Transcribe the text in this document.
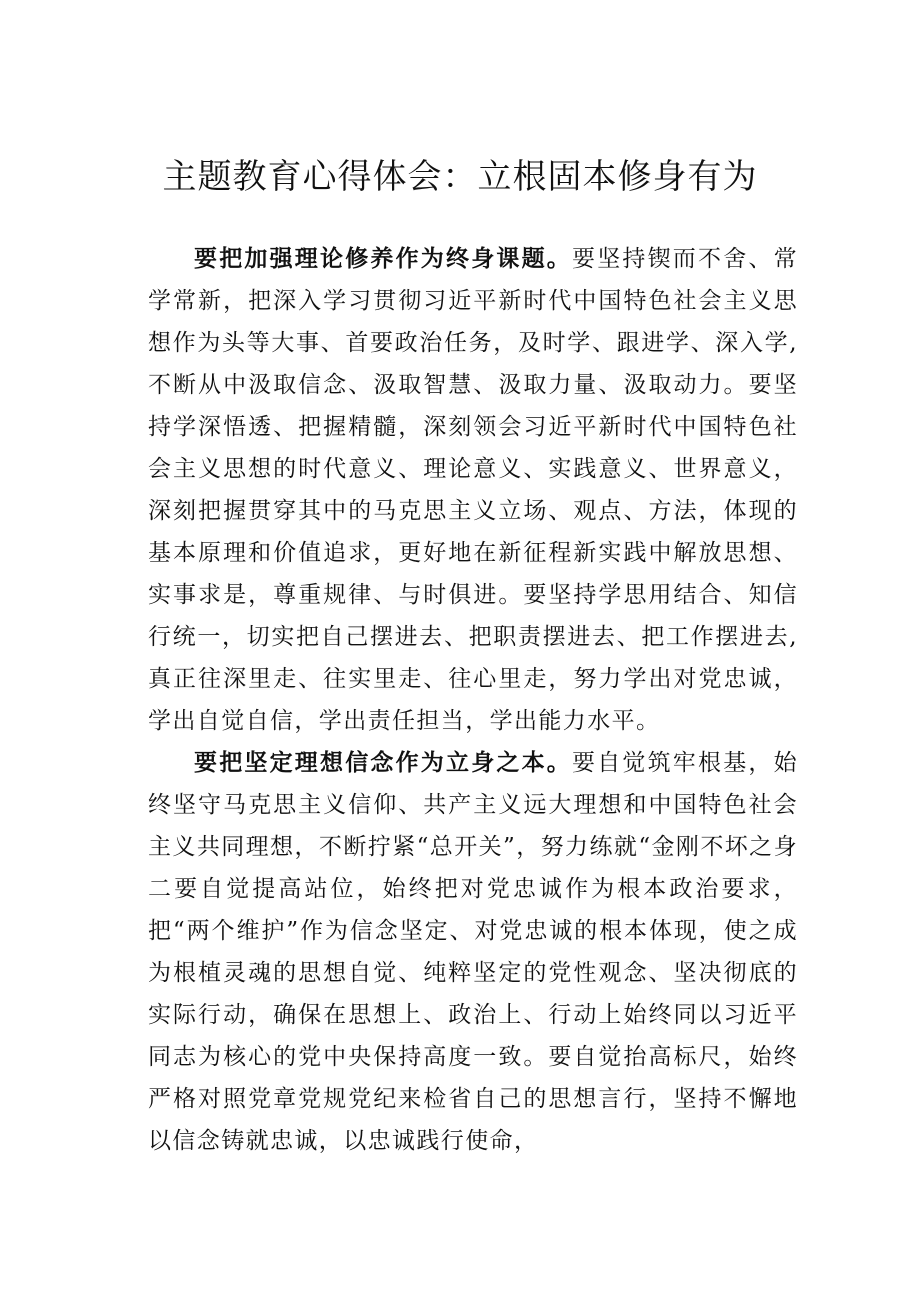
主题教育心得体会：立根固本修身有为

要把加强理论修养作为终身课题。要坚持锲而不舍、常学常新，把深入学习贯彻习近平新时代中国特色社会主义思想作为头等大事、首要政治任务，及时学、跟进学、深入学,不断从中汲取信念、汲取智慧、汲取力量、汲取动力。要坚持学深悟透、把握精髓，深刻领会习近平新时代中国特色社会主义思想的时代意义、理论意义、实践意义、世界意义，深刻把握贯穿其中的马克思主义立场、观点、方法，体现的基本原理和价值追求，更好地在新征程新实践中解放思想、实事求是，尊重规律、与时俱进。要坚持学思用结合、知信行统一，切实把自己摆进去、把职责摆进去、把工作摆进去,真正往深里走、往实里走、往心里走，努力学出对党忠诚，学出自觉自信，学出责任担当，学出能力水平。

要把坚定理想信念作为立身之本。要自觉筑牢根基，始终坚守马克思主义信仰、共产主义远大理想和中国特色社会主义共同理想，不断拧紧“总开关”，努力练就“金刚不坏之身二要自觉提高站位，始终把对党忠诚作为根本政治要求，把“两个维护”作为信念坚定、对党忠诚的根本体现，使之成为根植灵魂的思想自觉、纯粹坚定的党性观念、坚决彻底的实际行动，确保在思想上、政治上、行动上始终同以习近平同志为核心的党中央保持高度一致。要自觉抬高标尺，始终严格对照党章党规党纪来检省自己的思想言行，坚持不懈地以信念铸就忠诚，以忠诚践行使命，
